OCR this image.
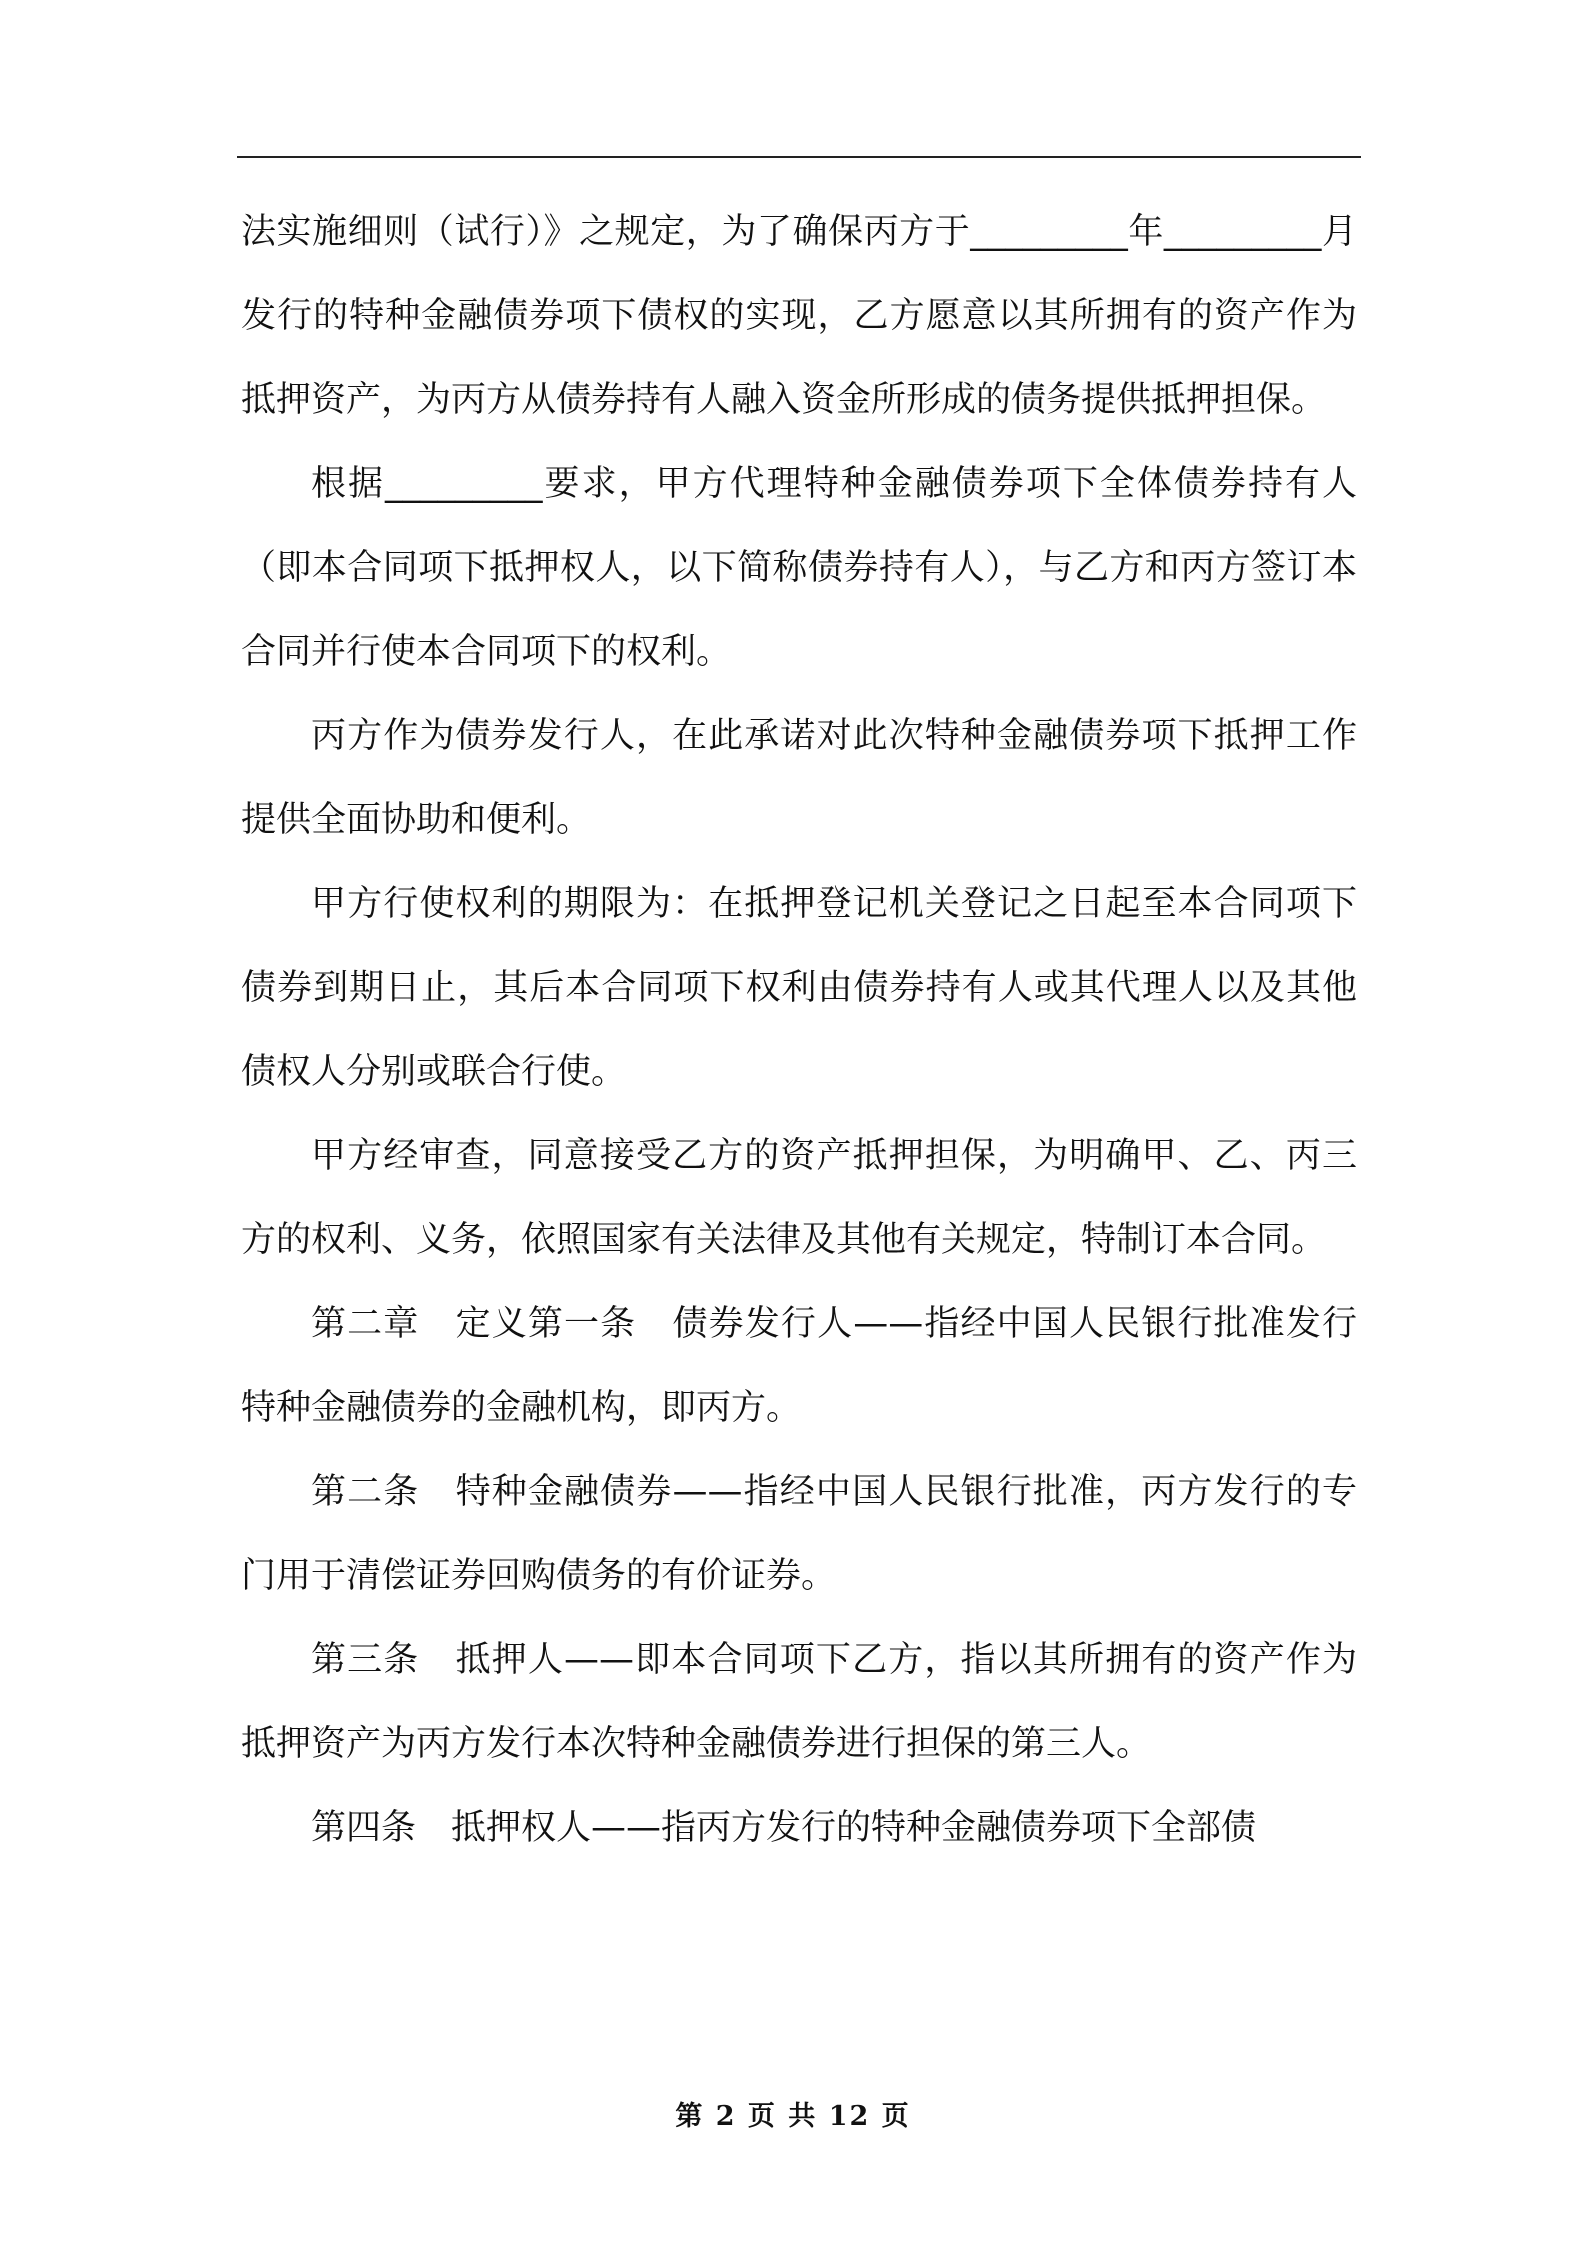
法实施细则（试行）》之规定，为了确保丙方于_________年_________月发行的特种金融债券项下债权的实现，乙方愿意以其所拥有的资产作为抵押资产，为丙方从债券持有人融入资金所形成的债务提供抵押担保。

根据_________要求，甲方代理特种金融债券项下全体债券持有人（即本合同项下抵押权人，以下简称债券持有人），与乙方和丙方签订本合同并行使本合同项下的权利。

丙方作为债券发行人，在此承诺对此次特种金融债券项下抵押工作提供全面协助和便利。

甲方行使权利的期限为：在抵押登记机关登记之日起至本合同项下债券到期日止，其后本合同项下权利由债券持有人或其代理人以及其他债权人分别或联合行使。

甲方经审查，同意接受乙方的资产抵押担保，为明确甲、乙、丙三方的权利、义务，依照国家有关法律及其他有关规定，特制订本合同。

第二章　定义第一条　债券发行人——指经中国人民银行批准发行特种金融债券的金融机构，即丙方。

第二条　特种金融债券——指经中国人民银行批准，丙方发行的专门用于清偿证券回购债务的有价证券。

第三条　抵押人——即本合同项下乙方，指以其所拥有的资产作为抵押资产为丙方发行本次特种金融债券进行担保的第三人。

第四条　抵押权人——指丙方发行的特种金融债券项下全部债

第 2 页 共 12 页
